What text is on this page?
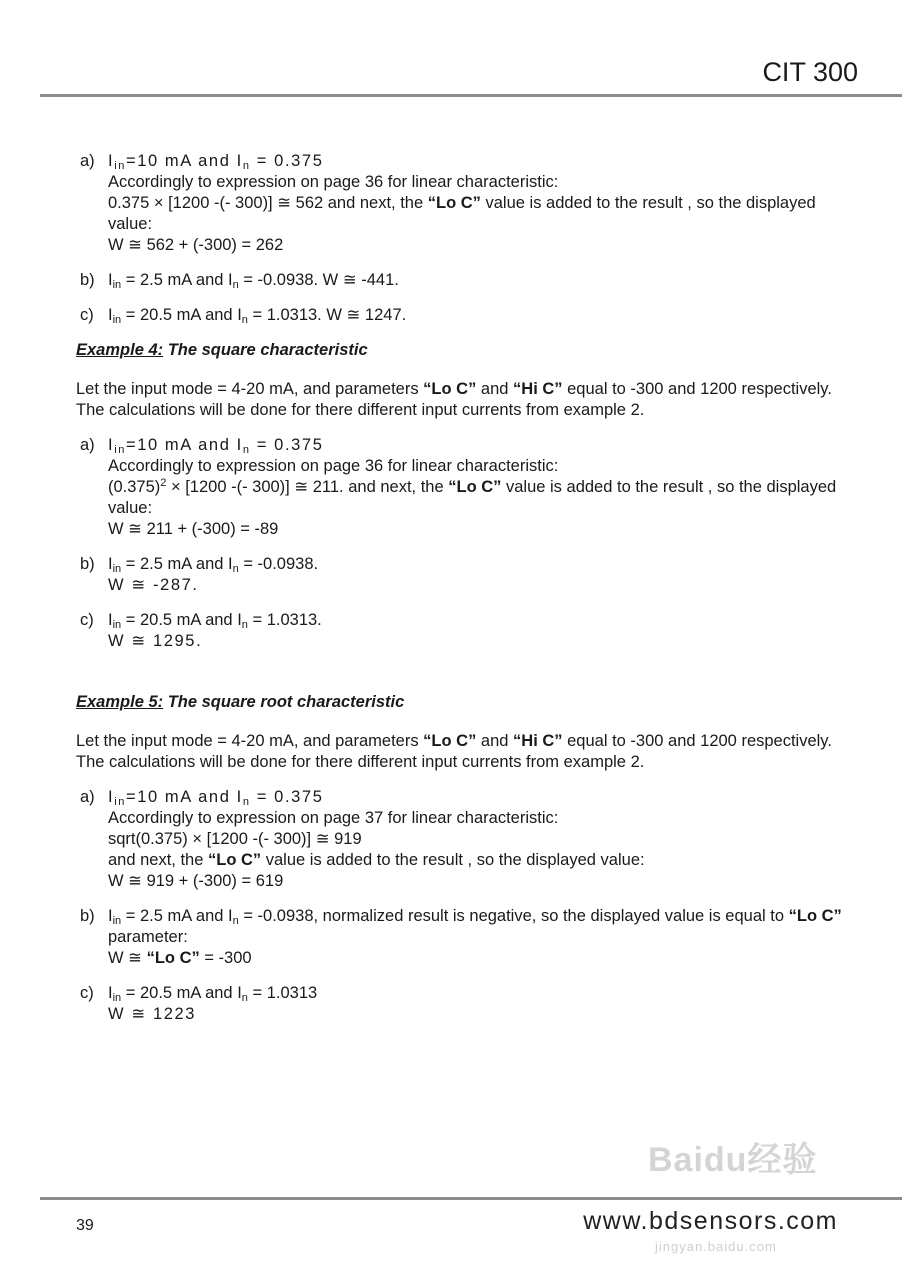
CIT 300
a) $I_{in}=10$ mA and $I_n = 0.375$
Accordingly to expression on page 36 for linear characteristic:
0.375 × [1200 -(- 300)] ≅ 562 and next, the “Lo C” value is added to the result , so the displayed value:
W ≅ 562 + (-300) = 262
b) $I_{in} = 2.5$ mA and $I_n = -0.0938$. W ≅ -441.
c) $I_{in} = 20.5$ mA and $I_n = 1.0313$. W ≅ 1247.
Example 4: The square characteristic
Let the input mode = 4-20 mA, and parameters “Lo C” and “Hi C” equal to -300 and 1200 respectively. The calculations will be done for there different input currents from example 2.
a) $I_{in}=10$ mA and $I_n = 0.375$
Accordingly to expression on page 36 for linear characteristic:
$(0.375)^2 \times [1200$ -(- 300)] ≅ 211. and next, the “Lo C” value is added to the result , so the displayed value:
W ≅ 211 + (-300) = -89
b) $I_{in} = 2.5$ mA and $I_n = -0.0938$.
W ≅ -287.
c) $I_{in} = 20.5$ mA and $I_n = 1.0313$.
W ≅ 1295.
Example 5: The square root characteristic
Let the input mode = 4-20 mA, and parameters “Lo C” and “Hi C” equal to -300 and 1200 respectively. The calculations will be done for there different input currents from example 2.
a) $I_{in}=10$ mA and $I_n = 0.375$
Accordingly to expression on page 37 for linear characteristic:
sqrt(0.375) × [1200 -(- 300)] ≅ 919
and next, the “Lo C” value is added to the result , so the displayed value:
W ≅ 919 + (-300) = 619
b) $I_{in} = 2.5$ mA and $I_n = -0.0938$, normalized result is negative, so the displayed value is equal to “Lo C” parameter:
W ≅ “Lo C” = -300
c) $I_{in} = 20.5$ mA and $I_n = 1.0313$
W ≅ 1223
Baidu经验
jingyan.baidu.com
39	www.bdsensors.com
